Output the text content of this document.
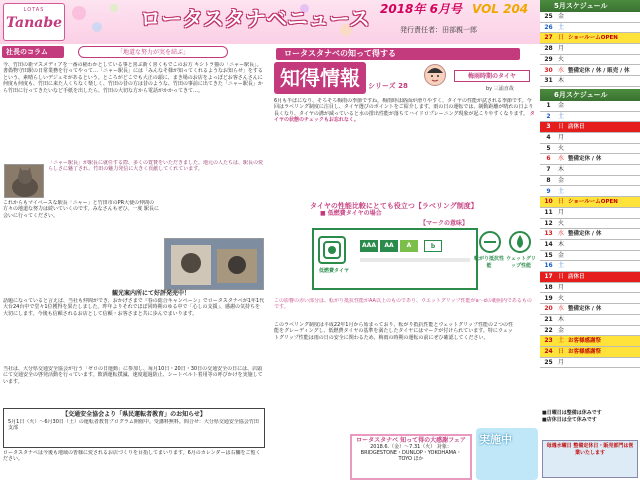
LOTAS
Tanabe	ロータスタナベニュース 2018年 6月号 VOL 204
発行責任者：田部親一郎
社長のコラム	「地道な努力が実を結ぶ」
今、竹田の新マスメディアを一番の稲わかとしている事と喜ぶ新く喜くもでこのお方 キシトラ猫の「ニャー駅長」。書偽物守田駅の日常業務を行ってやって…「ニャー駅長」には「みんなそ様が知ってくれるようなお知らせ」をするという、素晴らしいデジュモがあるという。ところがどこでも大正の頭に、まき場のお店をよっぽどお客さんさんに何度も何度も、竹田に来た人くちなく楽しく、竹田の昔の方は昔のような、竹田の事前に出てきた「ニャー駅長」から竹田に行ってきたいなど手紙を出したら、竹田の大切な方から電話がかかってきて…。
「ニャー駅長」が駅長に就任する際、多くの賞賛をいただきました。地元の人たちは、駅長の愛らしさに魅了され、竹田の魅力発信に大きく貢献してくれています。
これからもマイペースな駅長「ニャー」と竹田市のPR大使の仲間の方々の地道な努力は続いていくのです。みなさんもぜひ、一度 駅長に会いに行ってください。
観光案内所にて好評発売中！
話題になっていると言えば、当社も仲間ができ、おかげさまで『春の総合キャンペーン』でロータスタナベが1年1代大台24台中で堂々1位獲得を果たしました。昨年よりそれでほぼ同時期のゆる中で「心しの支援」、感謝の気持ちを大切にします。今後も信頼されるお店として信頼・お客さまと共に歩んでまいります。
当社は、大分県交通安全協会が行う「ゼロの日運動」に参加し、毎月10日・20日・30日の交通安全の日には、店頭にて交通安全の啓発活動を行っています。飲酒運転撲滅、速度超過防止、シートベルト着用等の呼びかけを実施しています。
【交通安全協会より「県民運転者教育」のお知らせ】
5月1日（火）〜6月30日（土）の運転者教育プログラム開催中。受講料無料。問合せ：大分県交通安全協会竹田支部
ロータスタナベは今後も地域の皆様に愛されるお店づくりを目指してまいります。6月のカレンダーは右欄をご覧ください。
ロータスタナベの知って得する
知得情報	シリーズ 28
梅雨時期のタイヤ
by 三浦直哉
6月も半ばになり、そろそろ梅雨の季節ですね。梅雨時は路面が滑りやすく、タイヤの性能が試される季節です。今回はラベリング制度に注目し、タイヤ選びのポイントをご紹介します。雨の日の運転では、制動距離が晴れの日より長くなり、タイヤの溝が減っていると水の排出性能が落ちてハイドロプレーニング現象が起こりやすくなります。 タイヤの状態のチェックもお忘れなく。
タイヤの性能比較にとても役立つ【ラベリング制度】
■ 低燃費タイヤの場合
【マークの意味】
低燃費タイヤ
AAA	AA	A	b
転がり抵抗性能
ウェットグリップ性能
この影響の赤い部分は、転がり抵抗性能がAA以上のものであり、ウエットグリップ性能がa〜dの範囲内であるものです。
このラベリング制度は平成22年1月から始まっており、転がり抵抗性能とウェットグリップ性能の２つの性能をグレーディングし、低燃費タイヤの基準を満たしたタイヤにはマークが付けられています。特にウェットグリップ性能は雨の日の安全に関わるため、梅雨の時期の運転の前にぜひ確認してください。
ロータスタナベ 知って得の大感謝フェア
2018.6.（金）〜7.31（火） 対象：BRIDGESTONE・DUNLOP・YOKOHAMA・TOYO ほか
実施中
5月スケジュール
25 金
26 土
27 日 ショールームOPEN
28 月
29 火
30 水 整備定休 / 休 / 販売 / 休
31 木
6月スケジュール
1	金
2	土
3	日 店休日
4	月
5	火
6	水 整備定休 / 休
7	木
8	金
9	土
10 日 ショールームOPEN
11 月
12 火
13 水 整備定休 / 休
14 木
15 金
16 土
17 日 店休日
18 月
19 火
20 水 整備定休 / 休
21 木
22 金
23 土 お客様感謝祭
24 日 お客様感謝祭
25 月
■日曜日は整備は休みです
■店休日は全て休みです
毎週水曜日 整備定休日・販売部門は営業いたします
